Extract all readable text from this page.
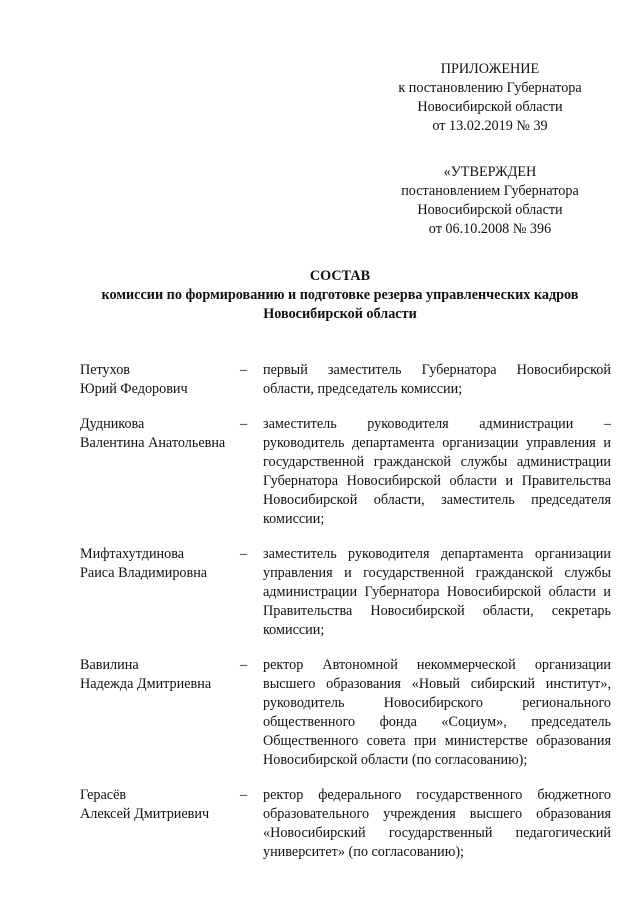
ПРИЛОЖЕНИЕ
к постановлению Губернатора
Новосибирской области
от 13.02.2019 № 39
«УТВЕРЖДЕН
постановлением Губернатора
Новосибирской области
от 06.10.2008 № 396
СОСТАВ
комиссии по формированию и подготовке резерва управленческих кадров
Новосибирской области
Петухов
Юрий Федорович
–	первый заместитель Губернатора Новосибирской области, председатель комиссии;
Дудникова
Валентина Анатольевна
–	заместитель руководителя администрации – руководитель департамента организации управления и государственной гражданской службы администрации Губернатора Новосибирской области и Правительства Новосибирской области, заместитель председателя комиссии;
Мифтахутдинова
Раиса Владимировна
–	заместитель руководителя департамента организации управления и государственной гражданской службы администрации Губернатора Новосибирской области и Правительства Новосибирской области, секретарь комиссии;
Вавилина
Надежда Дмитриевна
–	ректор Автономной некоммерческой организации высшего образования «Новый сибирский институт», руководитель Новосибирского регионального общественного фонда «Социум», председатель Общественного совета при министерстве образования Новосибирской области (по согласованию);
Герасёв
Алексей Дмитриевич
–	ректор федерального государственного бюджетного образовательного учреждения высшего образования «Новосибирский государственный педагогический университет» (по согласованию);
